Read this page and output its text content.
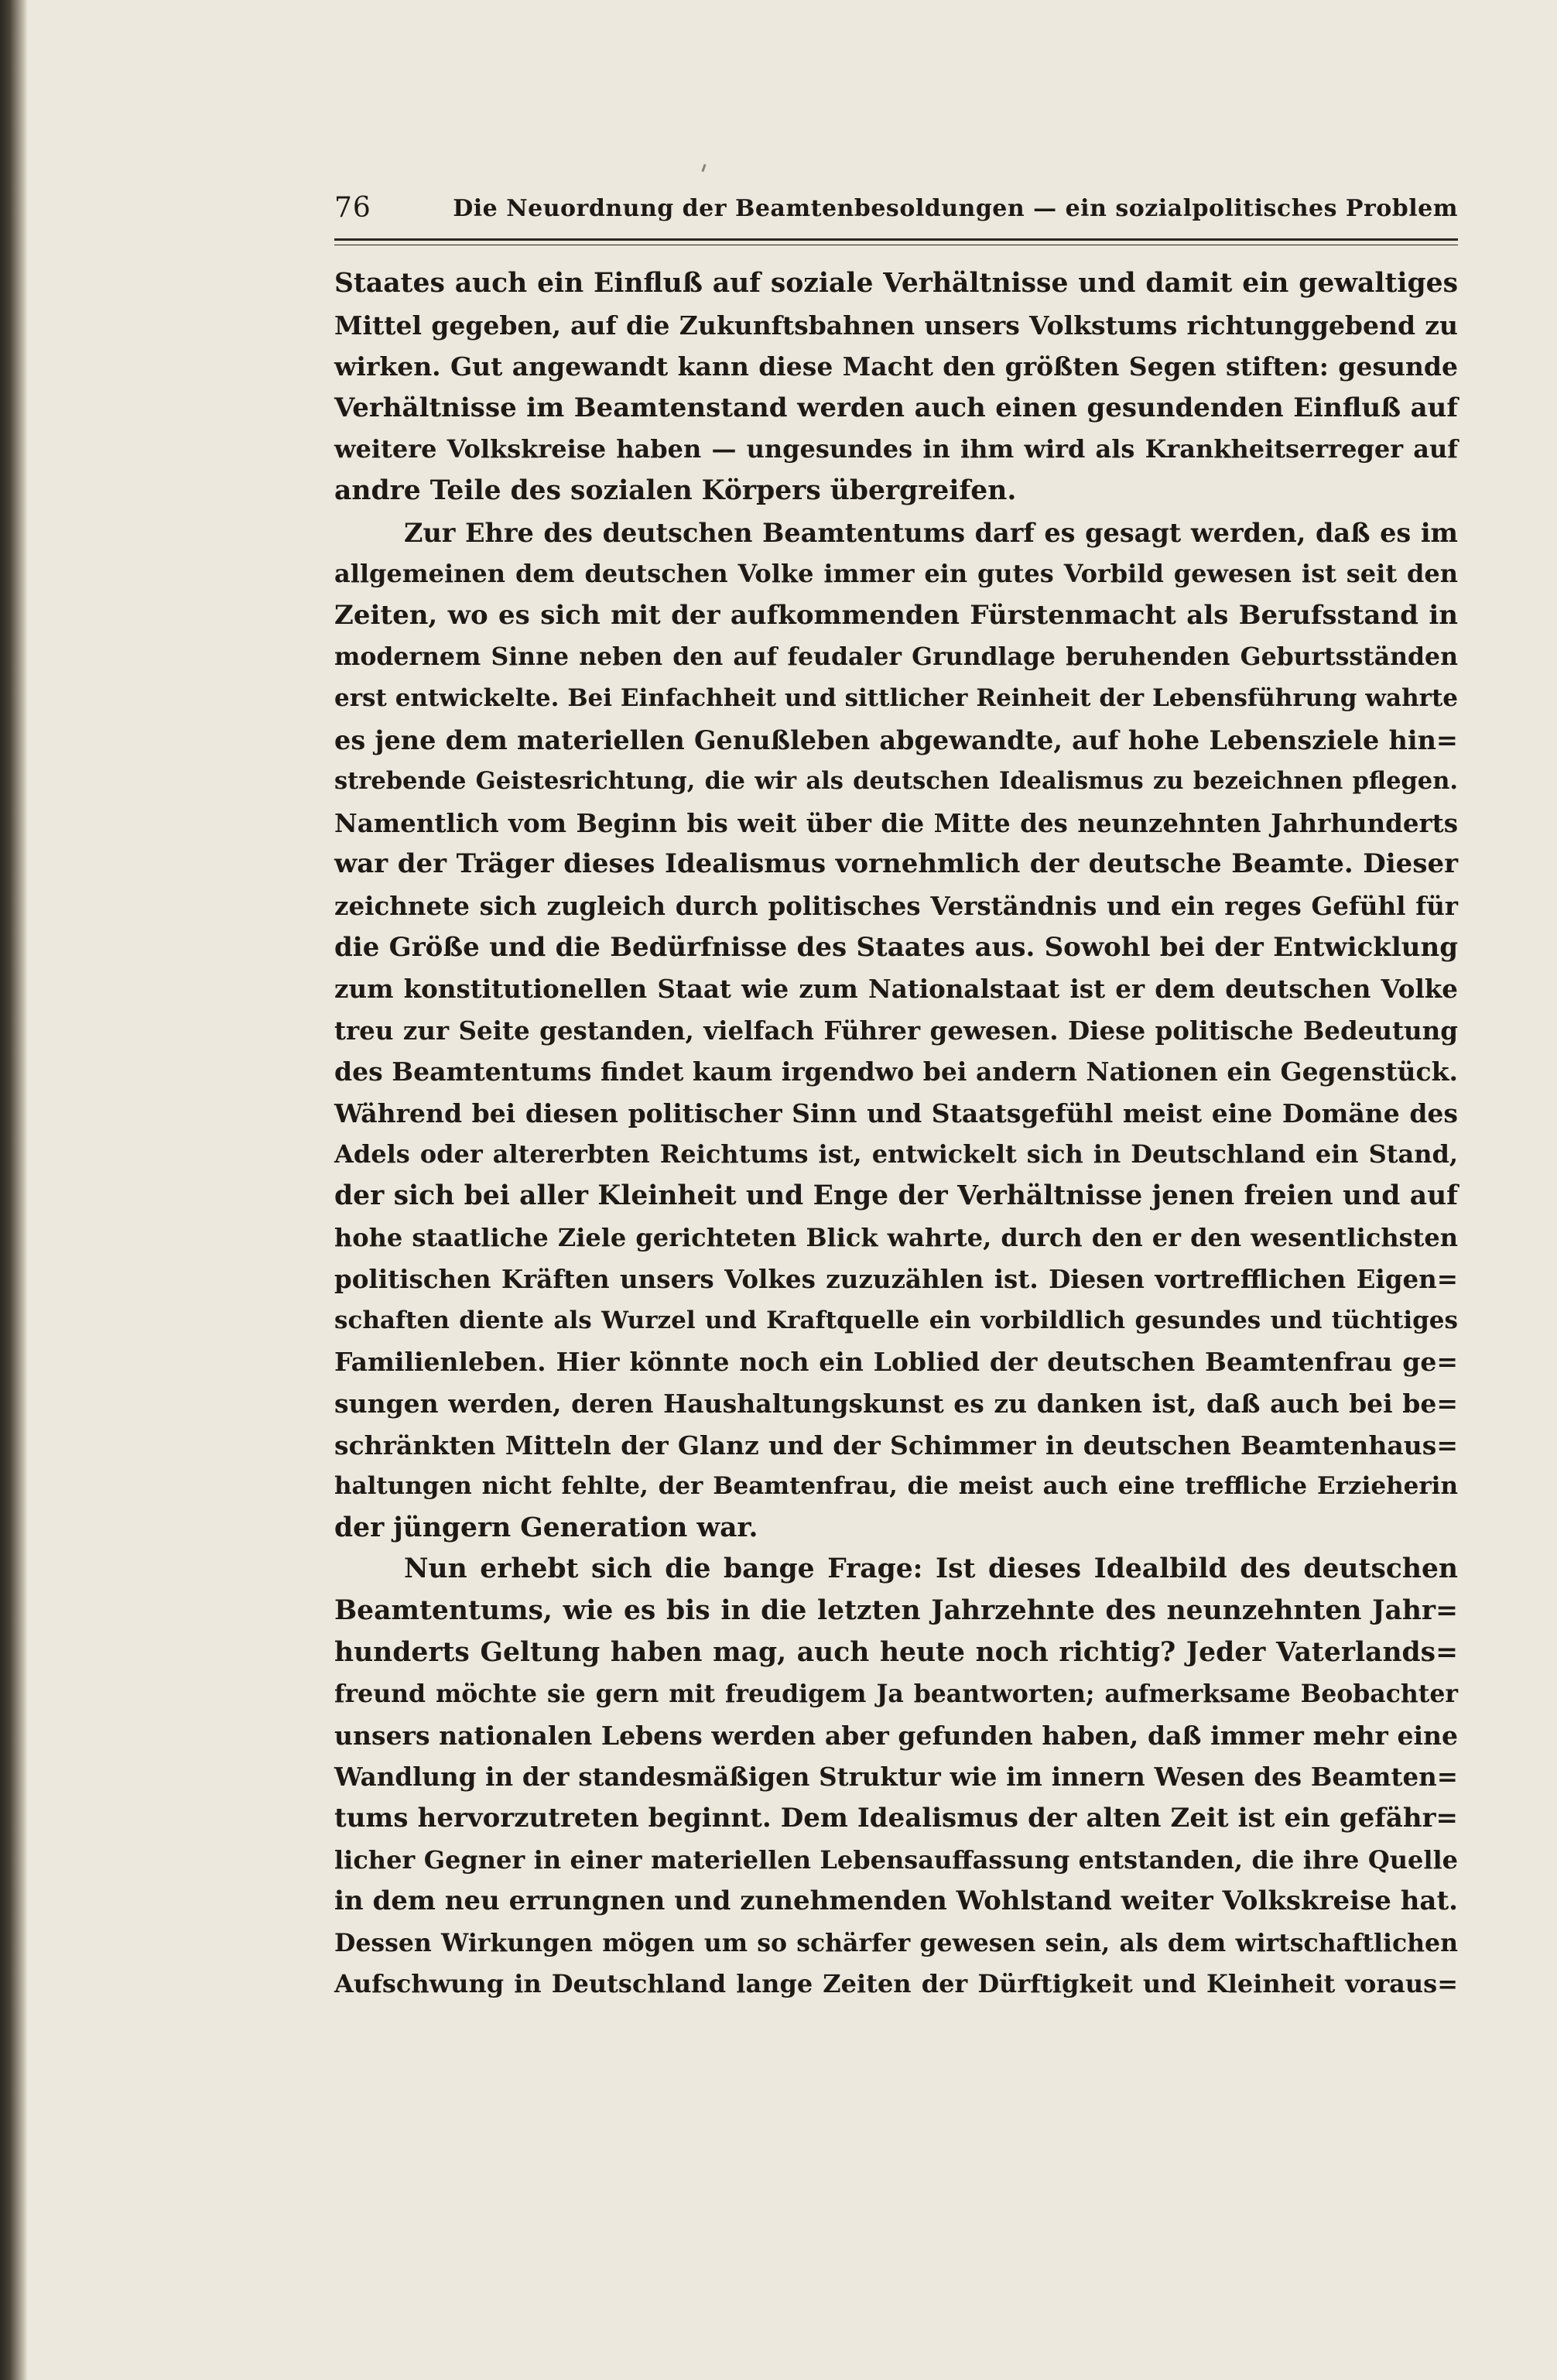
76	Die Neuordnung der Beamtenbesoldungen — ein sozialpolitisches Problem
Staates auch ein Einfluß auf soziale Verhältnisse und damit ein gewaltiges
Mittel gegeben, auf die Zukunftsbahnen unsers Volkstums richtunggebend zu
wirken. Gut angewandt kann diese Macht den größten Segen stiften: gesunde
Verhältnisse im Beamtenstand werden auch einen gesundenden Einfluß auf
weitere Volkskreise haben — ungesundes in ihm wird als Krankheitserreger auf
andre Teile des sozialen Körpers übergreifen.
Zur Ehre des deutschen Beamtentums darf es gesagt werden, daß es im
allgemeinen dem deutschen Volke immer ein gutes Vorbild gewesen ist seit den
Zeiten, wo es sich mit der aufkommenden Fürstenmacht als Berufsstand in
modernem Sinne neben den auf feudaler Grundlage beruhenden Geburtsständen
erst entwickelte. Bei Einfachheit und sittlicher Reinheit der Lebensführung wahrte
es jene dem materiellen Genußleben abgewandte, auf hohe Lebensziele hin=
strebende Geistesrichtung, die wir als deutschen Idealismus zu bezeichnen pflegen.
Namentlich vom Beginn bis weit über die Mitte des neunzehnten Jahrhunderts
war der Träger dieses Idealismus vornehmlich der deutsche Beamte. Dieser
zeichnete sich zugleich durch politisches Verständnis und ein reges Gefühl für
die Größe und die Bedürfnisse des Staates aus. Sowohl bei der Entwicklung
zum konstitutionellen Staat wie zum Nationalstaat ist er dem deutschen Volke
treu zur Seite gestanden, vielfach Führer gewesen. Diese politische Bedeutung
des Beamtentums findet kaum irgendwo bei andern Nationen ein Gegenstück.
Während bei diesen politischer Sinn und Staatsgefühl meist eine Domäne des
Adels oder altererbten Reichtums ist, entwickelt sich in Deutschland ein Stand,
der sich bei aller Kleinheit und Enge der Verhältnisse jenen freien und auf
hohe staatliche Ziele gerichteten Blick wahrte, durch den er den wesentlichsten
politischen Kräften unsers Volkes zuzuzählen ist. Diesen vortrefflichen Eigen=
schaften diente als Wurzel und Kraftquelle ein vorbildlich gesundes und tüchtiges
Familienleben. Hier könnte noch ein Loblied der deutschen Beamtenfrau ge=
sungen werden, deren Haushaltungskunst es zu danken ist, daß auch bei be=
schränkten Mitteln der Glanz und der Schimmer in deutschen Beamtenhaus=
haltungen nicht fehlte, der Beamtenfrau, die meist auch eine treffliche Erzieherin
der jüngern Generation war.
Nun erhebt sich die bange Frage: Ist dieses Idealbild des deutschen
Beamtentums, wie es bis in die letzten Jahrzehnte des neunzehnten Jahr=
hunderts Geltung haben mag, auch heute noch richtig? Jeder Vaterlands=
freund möchte sie gern mit freudigem Ja beantworten; aufmerksame Beobachter
unsers nationalen Lebens werden aber gefunden haben, daß immer mehr eine
Wandlung in der standesmäßigen Struktur wie im innern Wesen des Beamten=
tums hervorzutreten beginnt. Dem Idealismus der alten Zeit ist ein gefähr=
licher Gegner in einer materiellen Lebensauffassung entstanden, die ihre Quelle
in dem neu errungnen und zunehmenden Wohlstand weiter Volkskreise hat.
Dessen Wirkungen mögen um so schärfer gewesen sein, als dem wirtschaftlichen
Aufschwung in Deutschland lange Zeiten der Dürftigkeit und Kleinheit voraus=
